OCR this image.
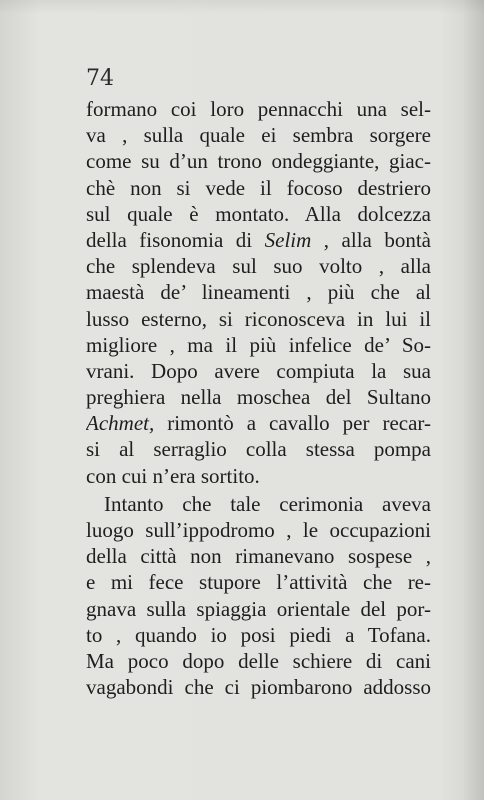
74
formano coi loro pennacchi una sel-
va , sulla quale ei sembra sorgere
come su d’un trono ondeggiante, giac-
chè non si vede il focoso destriero
sul quale è montato. Alla dolcezza
della fisonomia di Selim , alla bontà
che splendeva sul suo volto , alla
maestà de’ lineamenti , più che al
lusso esterno, si riconosceva in lui il
migliore , ma il più infelice de’ So-
vrani. Dopo avere compiuta la sua
preghiera nella moschea del Sultano
Achmet, rimontò a cavallo per recar-
si al serraglio colla stessa pompa
con cui n’era sortito.
Intanto che tale cerimonia aveva
luogo sull’ippodromo , le occupazioni
della città non rimanevano sospese ,
e mi fece stupore l’attività che re-
gnava sulla spiaggia orientale del por-
to , quando io posi piedi a Tofana.
Ma poco dopo delle schiere di cani
vagabondi che ci piombarono addosso
